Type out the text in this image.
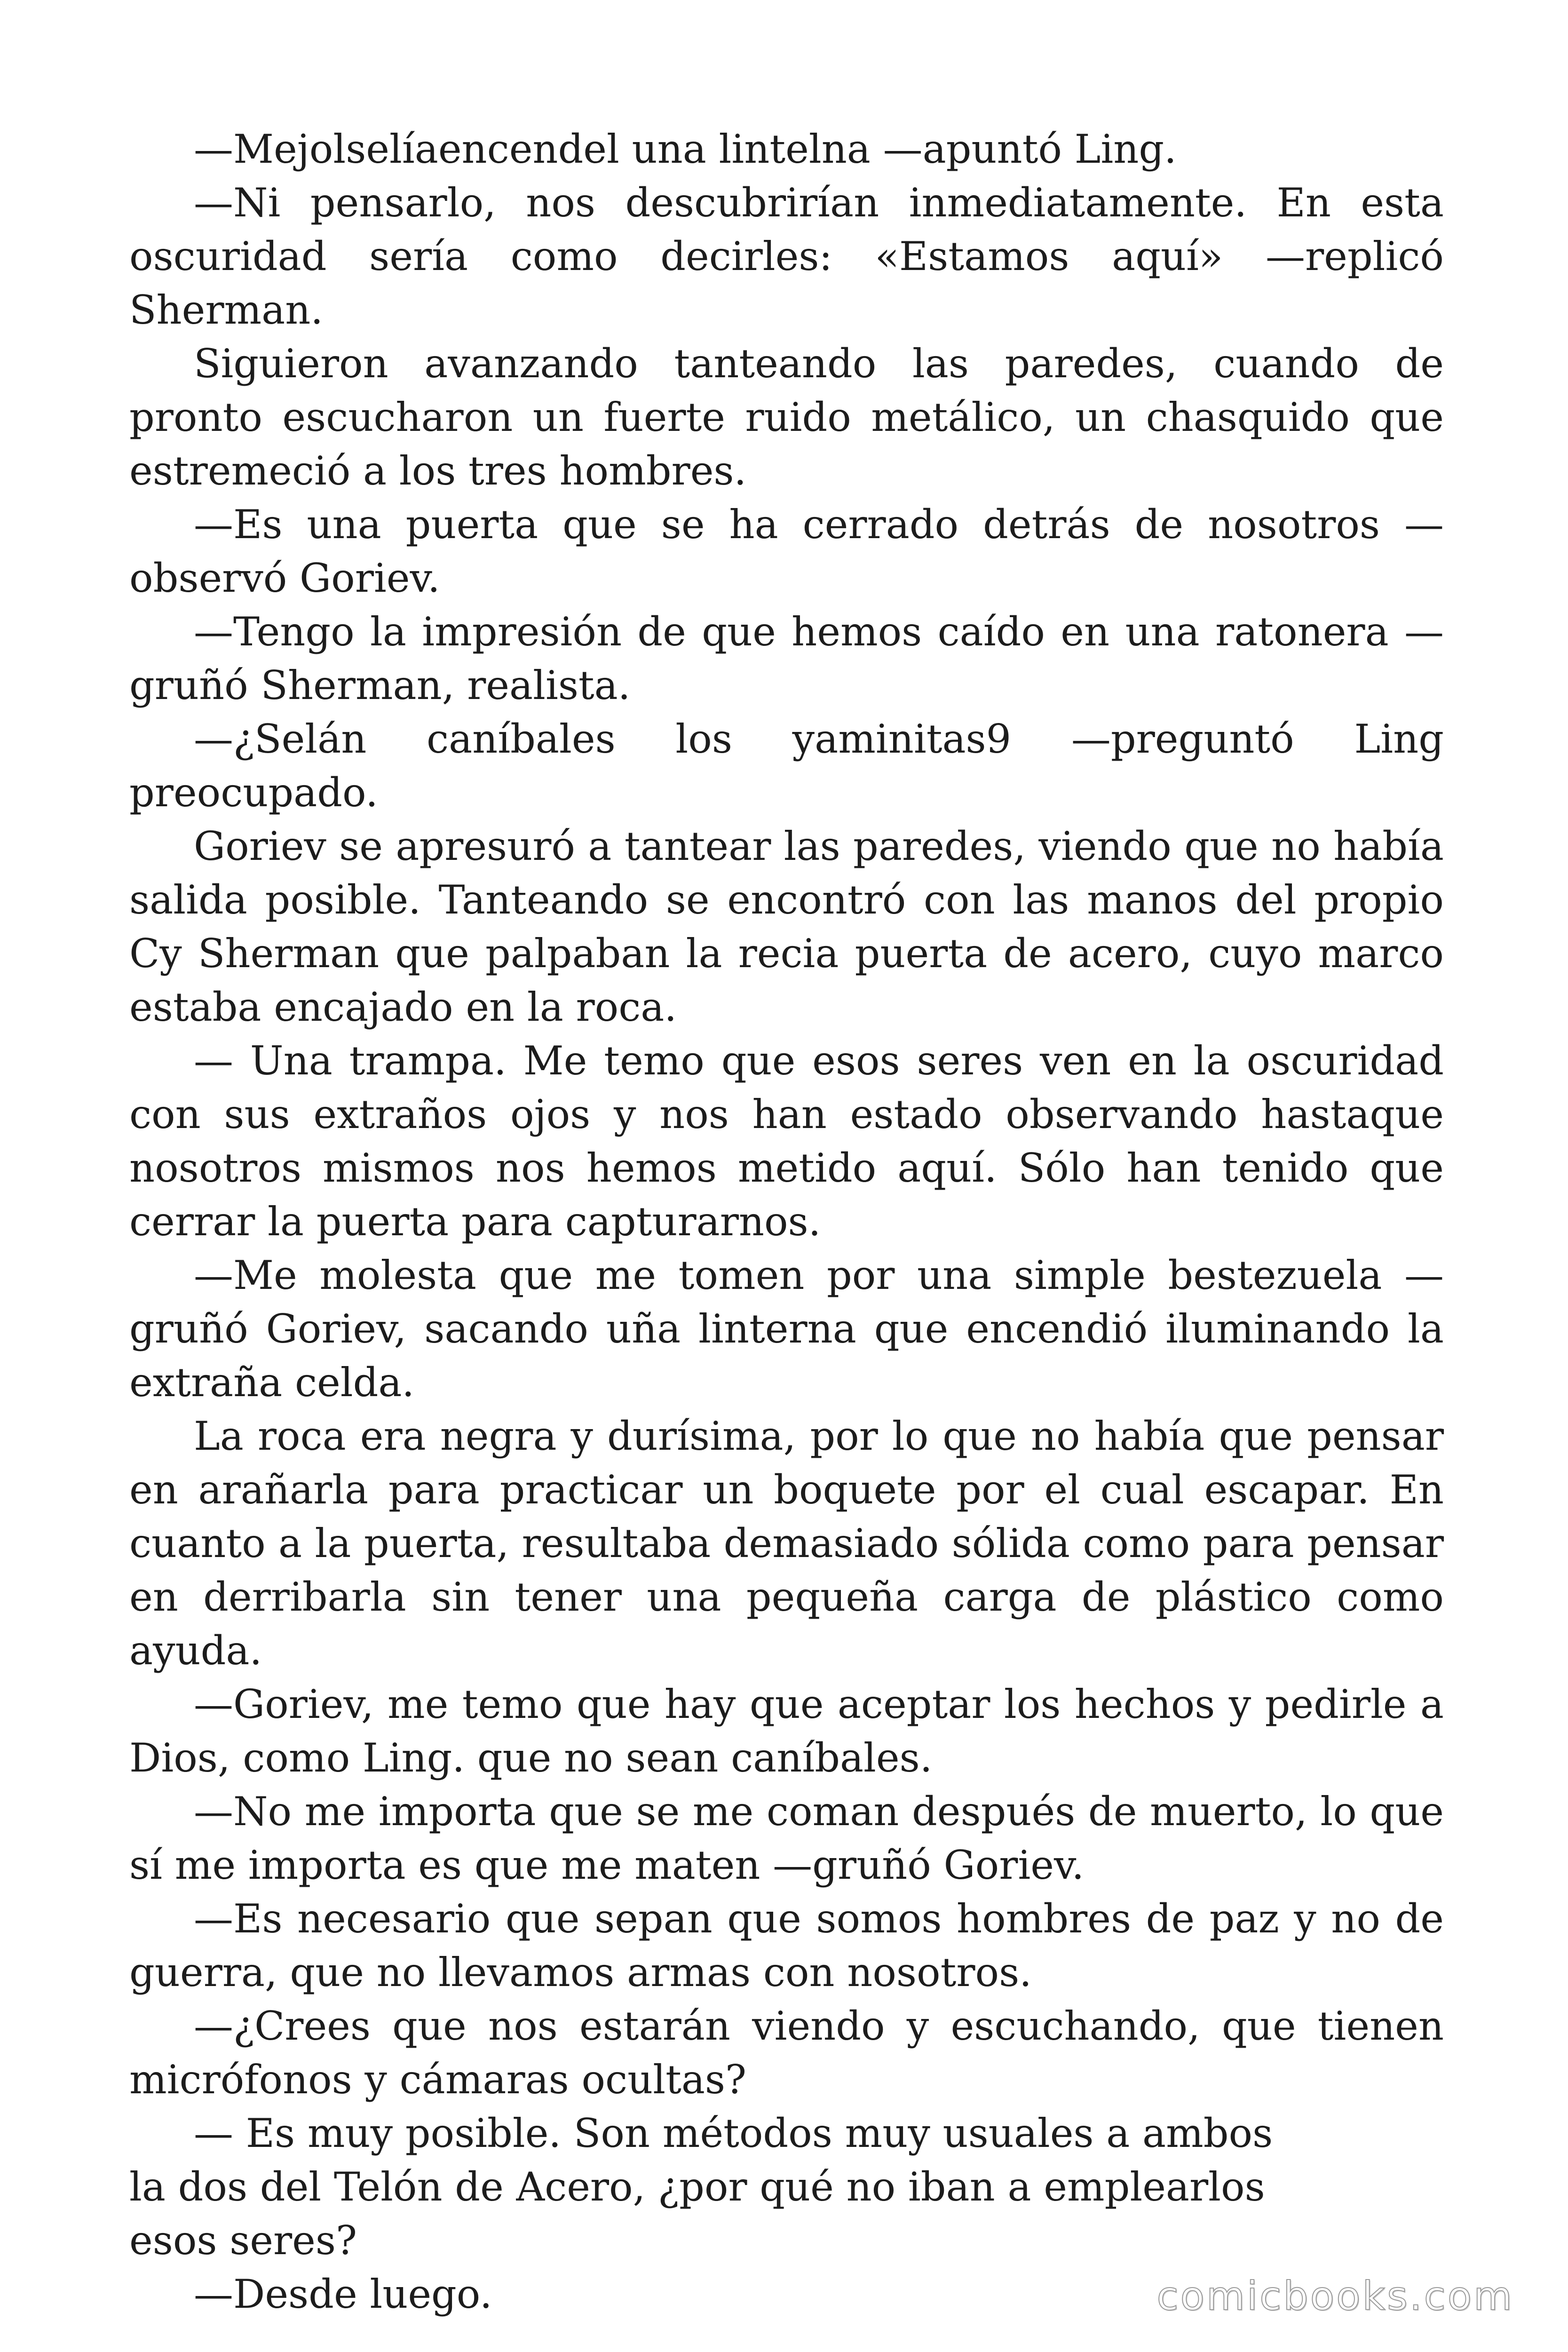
—Mejolselíaencendel una lintelna —apuntó Ling.

—Ni pensarlo, nos descubrirían inmediatamente. En esta oscuridad sería como decirles: «Estamos aquí» —replicó Sherman.

Siguieron avanzando tanteando las paredes, cuando de pronto escucharon un fuerte ruido metálico, un chasquido que estremeció a los tres hombres.

—Es una puerta que se ha cerrado detrás de nosotros —observó Goriev.

—Tengo la impresión de que hemos caído en una ratonera —gruñó Sherman, realista.

—¿Selán caníbales los yaminitas9 —preguntó Ling preocupado.

Goriev se apresuró a tantear las paredes, viendo que no había salida posible. Tanteando se encontró con las manos del propio Cy Sherman que palpaban la recia puerta de acero, cuyo marco estaba encajado en la roca.

— Una trampa. Me temo que esos seres ven en la oscuridad con sus extraños ojos y nos han estado observando hastaque nosotros mismos nos hemos metido aquí. Sólo han tenido que cerrar la puerta para capturarnos.

—Me molesta que me tomen por una simple bestezuela —gruñó Goriev, sacando uña linterna que encendió iluminando la extraña celda.

La roca era negra y durísima, por lo que no había que pensar en arañarla para practicar un boquete por el cual escapar. En cuanto a la puerta, resultaba demasiado sólida como para pensar en derribarla sin tener una pequeña carga de plástico como ayuda.

—Goriev, me temo que hay que aceptar los hechos y pedirle a Dios, como Ling. que no sean caníbales.

—No me importa que se me coman después de muerto, lo que sí me importa es que me maten —gruñó Goriev.

—Es necesario que sepan que somos hombres de paz y no de guerra, que no llevamos armas con nosotros.

—¿Crees que nos estarán viendo y escuchando, que tienen micrófonos y cámaras ocultas?

— Es muy posible. Son métodos muy usuales a ambos la dos del Telón de Acero, ¿por qué no iban a emplearlos esos seres?

—Desde luego.	comicbooks.com
